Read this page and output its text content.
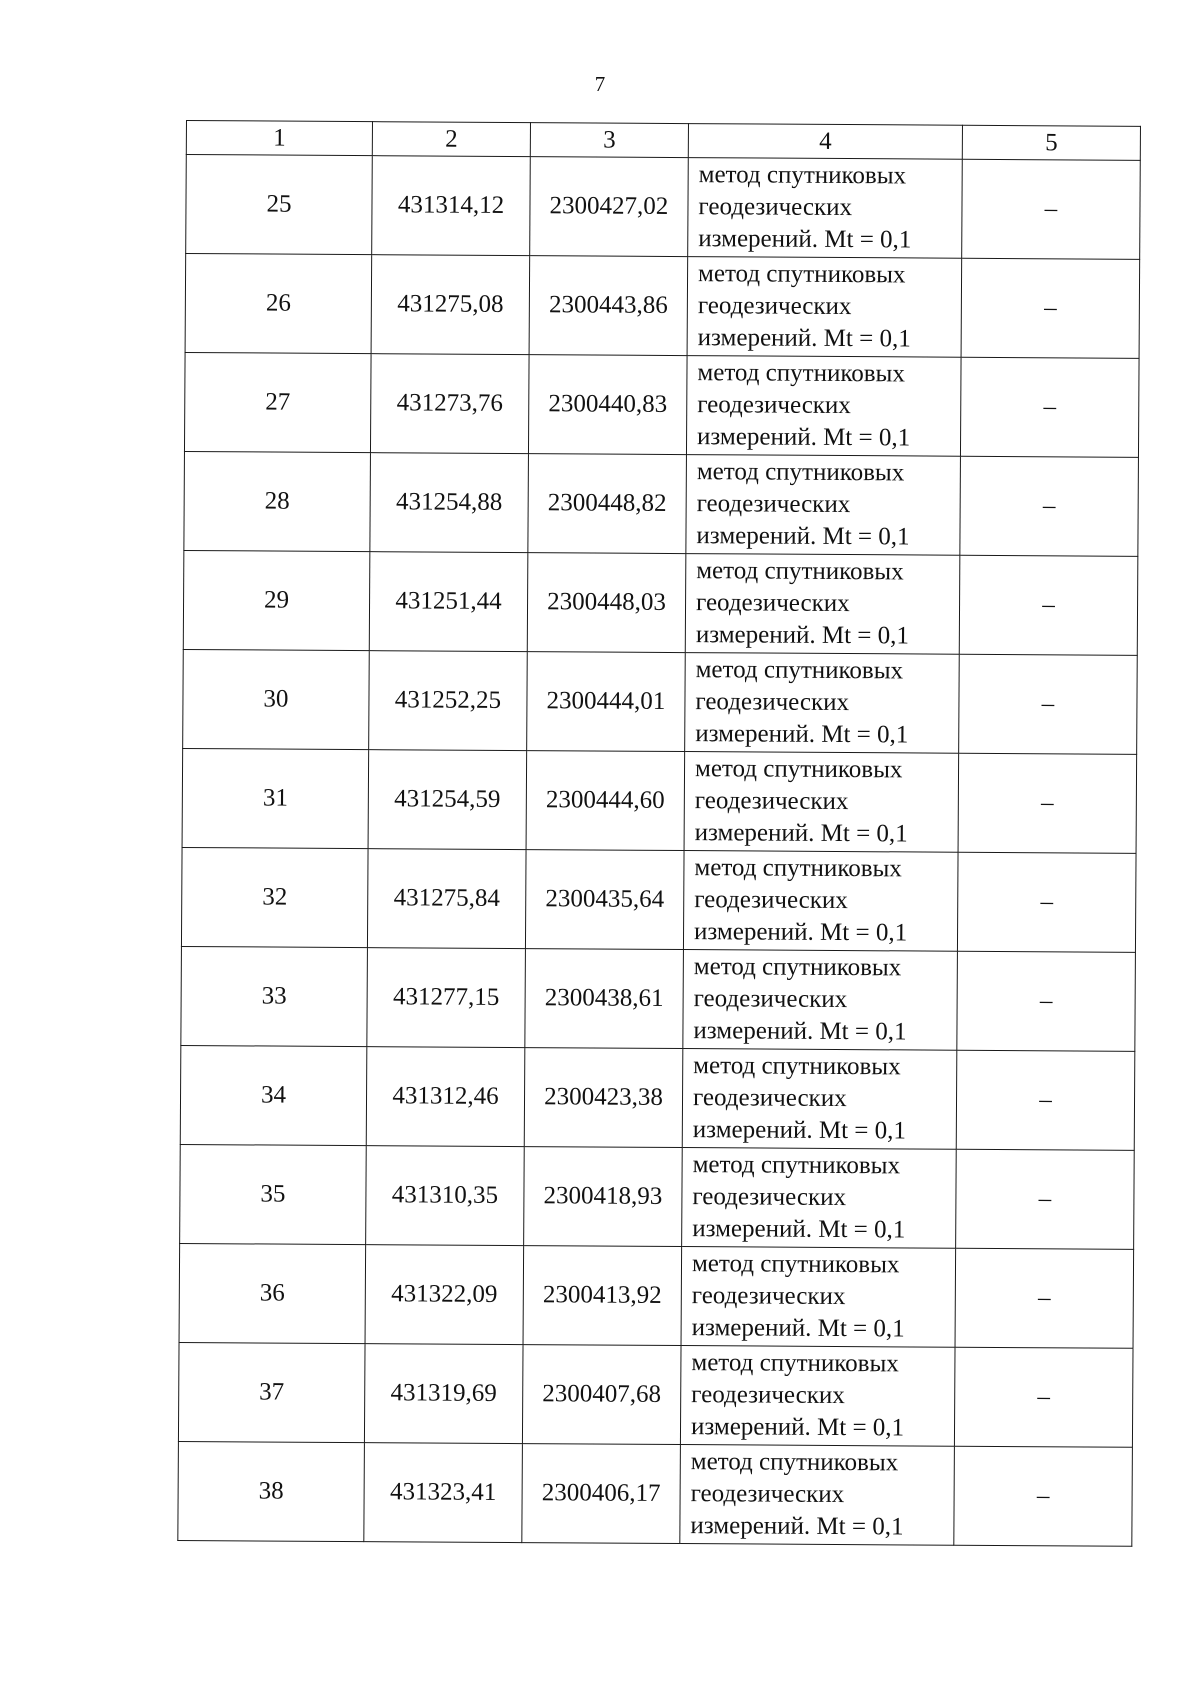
7
1	2	3	4	5
25	431314,12	2300427,02	метод спутниковых
геодезических
измерений. Mt = 0,1	–
26	431275,08	2300443,86	метод спутниковых
геодезических
измерений. Mt = 0,1	–
27	431273,76	2300440,83	метод спутниковых
геодезических
измерений. Mt = 0,1	–
28	431254,88	2300448,82	метод спутниковых
геодезических
измерений. Mt = 0,1	–
29	431251,44	2300448,03	метод спутниковых
геодезических
измерений. Mt = 0,1	–
30	431252,25	2300444,01	метод спутниковых
геодезических
измерений. Mt = 0,1	–
31	431254,59	2300444,60	метод спутниковых
геодезических
измерений. Mt = 0,1	–
32	431275,84	2300435,64	метод спутниковых
геодезических
измерений. Mt = 0,1	–
33	431277,15	2300438,61	метод спутниковых
геодезических
измерений. Mt = 0,1	–
34	431312,46	2300423,38	метод спутниковых
геодезических
измерений. Mt = 0,1	–
35	431310,35	2300418,93	метод спутниковых
геодезических
измерений. Mt = 0,1	–
36	431322,09	2300413,92	метод спутниковых
геодезических
измерений. Mt = 0,1	–
37	431319,69	2300407,68	метод спутниковых
геодезических
измерений. Mt = 0,1	–
38	431323,41	2300406,17	метод спутниковых
геодезических
измерений. Mt = 0,1	–
